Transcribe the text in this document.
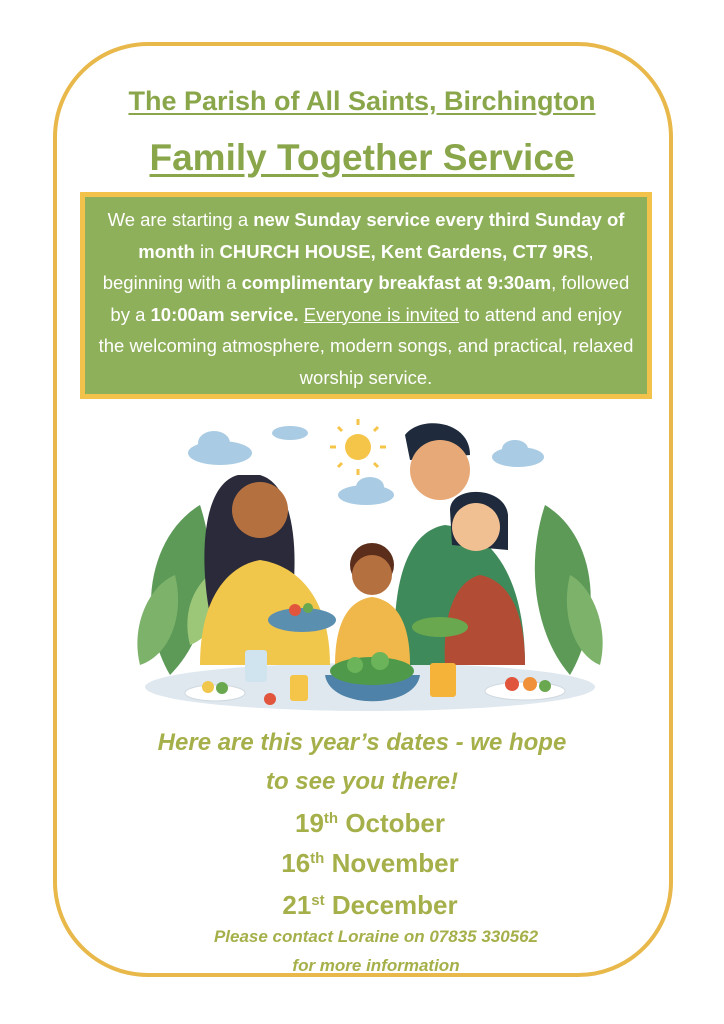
The Parish of All Saints, Birchington
Family Together Service
We are starting a new Sunday service every third Sunday of month in CHURCH HOUSE, Kent Gardens, CT7 9RS, beginning with a complimentary breakfast at 9:30am, followed by a 10:00am service. Everyone is invited to attend and enjoy the welcoming atmosphere, modern songs, and practical, relaxed worship service.
Here are this year’s dates - we hope
to see you there!
19th October
16th November
21st December
Please contact Loraine on 07835 330562
for more information
